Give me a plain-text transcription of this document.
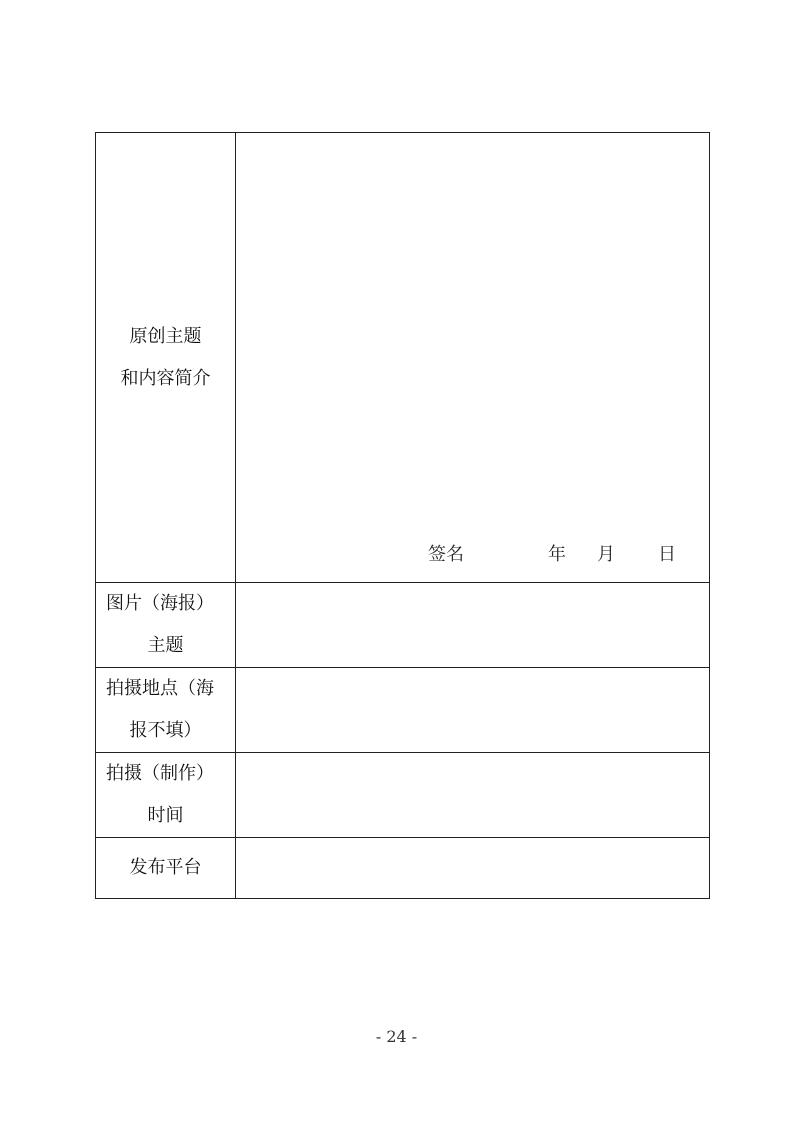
原创主题
和内容简介	签名 年 月 日

图片（海报）
主题	

拍摄地点（海
报不填）	

拍摄（制作）
时间	

发布平台	

- 24 -
